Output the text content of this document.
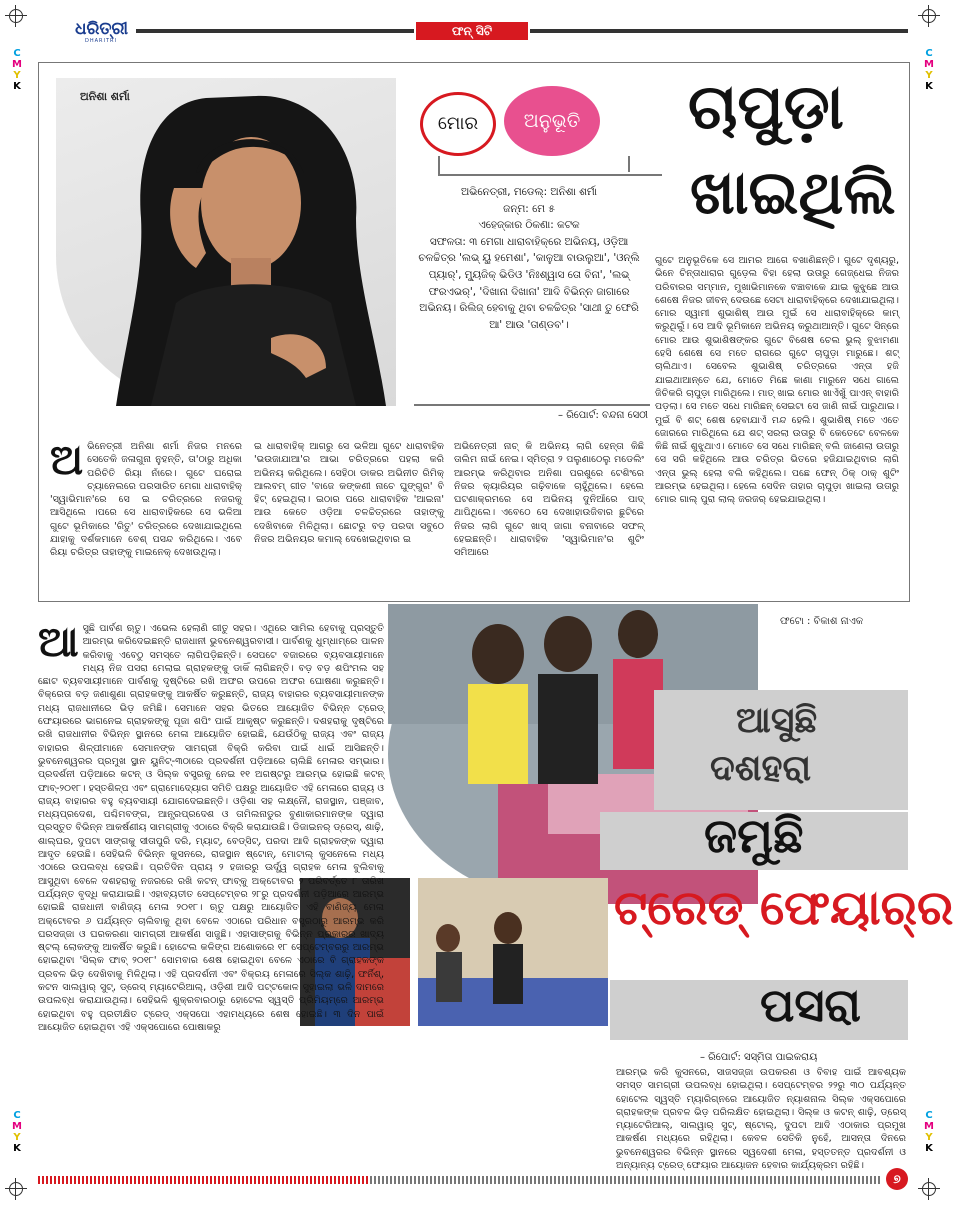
C
M
Y
K
C
M
Y
K
C
M
Y
K
C
M
Y
K
ଧରିତ୍ରୀ
DHARITRI
ଫନ୍ ସିଟି
ଅନିଶା ଶର୍ମା
ମୋର	ଅନୁଭୂତି	ଚାପୁଡ଼ା
ଖାଇଥିଲି
ଅଭିନେତ୍ରୀ, ମଡେଲ୍: ଅନିଶା ଶର୍ମା
ଜନ୍ମ: ମେ ୫
ଏହେଜ୍କାର ଠିକଣା: କଟକ
ସଫଳତା: ୩ ମେଗା ଧାରାବାହିକ୍‌ରେ ଅଭିନୟ, ଓଡ଼ିଆ ଚଳଚ୍ଚିତ୍ର 'ଲଭ୍ ୟୁ ହମେଶା', 'କାଳୁଆ ବାଉଲୁଆ', 'ଓନ୍ଲି ପ୍ୟାର୍', ମ୍ୟୁଜିକ୍ ଭିଡିଓ 'ନିଃଶ୍ୱାସ ତୋ ବିନା', 'ଲଭ୍ ଫରଏଭର୍', 'ଦିଖାନା ଦିଖାନା' ଆଦି ବିଭିନ୍ନ ଜାଗାରେ ଅଭିନୟ। ରିଲିଜ୍ ହେବାକୁ ଥିବା ଚଳଚ୍ଚିତ୍ର 'ସାଥୀ ତୁ ଫେରି ଆ' ଆଉ 'ତାଣ୍ଡବ'।
– ରିପୋର୍ଟ: ବନ୍ଦନା ସେଠୀ
ଅଭିନେତ୍ରୀ ଅନିଶା ଶର୍ମା ନିଜର ମନରେ ସେତେକି ଜଳାଗୁନା ନୁହନ୍ତି, ତା'ଠାରୁ ଅଧିକା ପରିଚିତି ରିୟା ନାଁରେ। ଗୁଟେ ଘରୋଇ ଚ୍ୟାନେଲରେ ପରସାରିତ ମେଗା ଧାରାବାହିକ୍ 'ସ୍ୱାଭିମାନ'ରେ ସେ ଇ ଚରିତ୍ରରେ ନଜରକୁ ଆସିଥିଲେ ।ପରେ ସେ ଧାରାବାହିକରେ ସେ ଭଳିଆ ଗୁଟେ ଭୂମିକାରେ 'ରିତୁ' ଚରିତ୍ରରେ ଦେଖାଯାଇଥିଲେ ଯାହାକୁ ଦର୍ଶକମାନେ ବେଶ୍ ପସନ୍ଦ କରିଥିଲେ। ଏବେ ରିୟା ଚରିତ୍ର ତାହାଙ୍କୁ ମାଇନେକ୍ ଦେଖଉଥିଲା।
ଇ ଧାରାବାହିକ୍ ଆଗରୁ ସେ ଭଳିଆ ଗୁଟେ ଧାରାବାହିକ 'ଭଉଜାଯାଆ'ର ଆଭା ଚରିତ୍ରରେ ପହଲା କରି ଅଭିନୟ କରିଥିଲେ। ସେହିଠା ଡାକର ଅଭିନୀତ ରିମିକ୍ ଆଲବମ୍ ଗୀତ 'ବାଜେ କଙ୍କଣୀ ନାଚେ ଘୁଙ୍ଗୁର' ବି ହିଟ୍ ହେଇଥିଲା। ଇଠାର ପରେ ଧାରାବାହିକ 'ଆଇନା' ଆଉ କେତେ ଓଡ଼ିଆ ଚଳଚ୍ଚିତ୍ରରେ ତାହାଙ୍କୁ ଦେଖିବାକେ ମିଳିଥିଲା। ଛୋଟରୁ ବଡ଼ ପରଦା ସବୁଠେ ନିଜର ଅଭିନୟର କମାଲ୍ ଦେଖେଇଥିବାର ଇ
ଅଭିନେତ୍ରୀ ନାଚ୍ କି ଅଭିନୟ ଲାଗି ହେନ୍ତା କିଛି ତାଲିମ ନାଇଁ ନେଇ। ସ୍ମିତ୍ରା ୨ ପଲୁଣାଠେଲୁ ମଡେଲିଂ ଆରମ୍ଭ କରିଥିବାର ଅନିଶା ପରଶୁରେ ଟେଶିଂରେ ନିଜର କ୍ୟାରିୟର ଗଢ଼ିବାକେ ଚାହୁଁଥିଲେ। ହେଲେ ଘଟଣାକ୍ରମରେ ସେ ଅଭିନୟ ଦୁନିଆଁରେ ପାଦ୍ ଥାପିଥିଲେ। ଏବେଠେ ସେ ଦେଖାହାଉଜିବାର ଛୁଟିରେ ନିଜର ଲାଗି ଗୁଟେ ଖାସ୍ ଜାଗା ବନାବାରେ ସଫଳ୍ ହେଇଛନ୍ତି। ଧାରାବାହିକ 'ସ୍ୱାଭିମାନ'ର ଶୁଟିଂ ସମିଆରେ
ଗୁଟେ ଅନୁଭୂତିକେ ସେ ଆମର ଆଗେ ବଖାଣିଛନ୍ତି। ଗୁଟେ ଦୃଶ୍ୟରୁ, ଭିନେ ଚିନ୍ତାଧାରାର ଗୁଡ଼େଲ ବିହା ହେଲା ଉତାରୁ ଗେଜ୍‌ଧେଇ ନିଜର ପରିବାରର ସମ୍ମାନ, ମୁଖାଭିମାନକେ ବଞ୍ଚାବାକେ ଯାଇ କୁଝୁଛେ ଆଉ ଶେଷେ ନିଜର ଜୀବନ୍ ଦେଉଛେ ସେଟା ଧାରାବାହିକ୍‌ରେ ଦେଖାଯାଇଥିଲା। ମୋର ସ୍ୱାମୀ ଶୁଭାଶିଷ୍ ଆଉ ମୁଇଁ ସେ ଧାରାବାହିକ୍‌ରେ କାମ୍ କରୁଥିଲୁଁ। ସେ ଆଦି ଭୂମିକାନେ ଅଭିନୟ କରୁଥାଆନ୍ତି। ଗୁଟେ ସିନ୍‌ରେ ମୋର ଆଉ ଶୁଭାଶିଷଙ୍କର ଗୁଟେ ବିଶେଷ ଚେଲ ଭୁଲ୍ ବୁଝାମଣା ହେସି ଶେଷେ ସେ ମତେ ରାଗରେ ଗୁଟେ ଚାପୁଡ଼ା ମାରୁଛେ। ଶଟ୍‌ ଚାଲିଥାଏ। ସେବେଲ ଶୁଭାଶିଷ୍ ଚରିତ୍ରରେ ଏନ୍ତା ହଜି ଯାଇଥାଆନ୍ତେ ଯେ, ମୋତେ ମିଛେ କାଣା ମାରୁନେ ସଧେ ଗାଲେ ଜିଚିକରି ଚାପୁଡ଼ା ମାରିଥିଲେ। ମାତ୍ ଖାଇ ମୋର ଖାଏଁଖୁଁ ପାଏନ୍ ବାହାରି ପଡ଼ଲା। ସେ ମତେ ସଧେ ମାରିଛନ୍ ସେଇଟା ସେ ଜାଣି ନାଇଁ ପାରୁଥାଇ। ମୁଇଁ ବି ଶଟ୍‌ ଶେଷ ହେବାଯାଏଁ ମନ୍ଦ ହେଲି। ଶୁଭାଶିଷ୍ ମତେ ଏତେ ଜୋରରେ ମାରିଥିଲେ ଯେ ଶଟ୍ ସରଲା ଉତାରୁ ବି କେତେଟେ ବେଳକେ କିଛି ନାଇଁ ଶୁଝୁଥାଏ। ମୋତେ ସେ ସଧେ ମାରିଛନ୍ ବଲି ଜାଣେଲା ଉତାରୁ ସେ ସରି କହିଥିଲେ ଆଉ ଚରିତ୍ର ଭିତରେ ହଜିଯାଇଥିବାର ଲାଗି ଏନ୍ତା ଭୁଲ୍ ହେଲା ବଲି କହିଥିଲେ। ପଛେ ଫେନ୍ ଠିକ୍ ଠାକ୍ ଶୁଟିଂ ଆରମ୍ଭ ହେଇଥିଲା। ହେଲେ ସେଦିନ ତାହାର ଚାପୁଡ଼ା ଖାଇଲା ଉତାରୁ ମୋର ଗାଲ୍ ପୁରା ଲାଲ୍ ଜରଜର୍ ହେଇଯାଇଥିଲା।
ଫଟୋ : ବିକାଶ ନାଏକ
ଆସୁଛି
ଦଶହରା
ଜମୁଛି
ଟ୍ରେଡ୍ ଫେୟାର୍‌ର
ପସରା
– ରିପୋର୍ଟ: ସସ୍ମିତା ପାଇକରାୟ
ଆସୁଛି ପାର୍ବଣ ଋତୁ। ଏଭେଲ ହେଲାଣି ଗୀତୁ ସହର। ଏଥିରେ ସାମିଲ ହେବାକୁ ପ୍ରସ୍ତୁତି ଆରମ୍ଭ କରିଦେଇଛନ୍ତି ରାଜଧାନୀ ଭୁବନେଶ୍ୱରବାସୀ। ପାର୍ବଣକୁ ଧୁମ୍‌ଧାମ୍‌ରେ ପାଳନ କରିବାକୁ ଏବେଠୁ ସମସ୍ତେ ଲାଗିପଡ଼ିଛନ୍ତି। ସେପଟେ ବଜାରରେ ବ୍ୟବସାୟୀମାନେ ମଧ୍ୟ ନିଜ ପସରା ମେଲାଇ ଗ୍ରାହକଙ୍କୁ ଡାକିଁ ଲାଗିଛନ୍ତି। ବଡ଼ ବଡ଼ ଶପିଂମଲ ସହ ଛୋଟ ବ୍ୟବସାୟୀମାନେ ପାର୍ବଣକୁ ଦୃଷ୍ଟିରେ ରଖି ଅଫର ଉପରେ ଅଫର ଘୋଷଣା କରୁଛନ୍ତି। ବିକ୍ରେତା ବଡ଼ ଜଣାଶୁଣା ଗ୍ରାହକଙ୍କୁ ଆକର୍ଷିତ କରୁଛନ୍ତି, ରାଜ୍ୟ ବାହାରର ବ୍ୟବସାୟୀମାନଙ୍କ ମଧ୍ୟ ରାଜଧାନୀରେ ଭିଡ଼ ଜମିଛି। ସେମାନେ ସହର ଭିତରେ ଆୟୋଜିତ ବିଭିନ୍ନ ଟ୍ରେଡ୍ ଫେୟାରରେ ଭାଗନେଇ ଗ୍ରାହକଙ୍କୁ ପୂଜା ଶପିଂ ପାଇଁ ଆକୃଷ୍ଟ କରୁଛନ୍ତି। ଦଶହରାକୁ ଦୃଷ୍ଟିରେ ରଖି ରାଜଧାନୀର ବିଭିନ୍ନ ସ୍ଥାନରେ ମେଳା ଆୟୋଜିତ ହୋଇଛି, ଯେଉଁଠିକୁ ରାଜ୍ୟ ଏବଂ ରାଜ୍ୟ ବାହାରର ଶିଳ୍ପୀମାନେ ସେମାନଙ୍କ ସାମଗ୍ରୀ ବିକ୍ରି କରିବା ପାଇଁ ଧାଇଁ ଆସିଛନ୍ତି। ଭୁବନେଶ୍ୱରର ପ୍ରମୁଖ ସ୍ଥାନ ୟୁନିଟ୍-୩ଠାରେ ପ୍ରଦର୍ଶନୀ ପଡ଼ିଆରେ ଚାଲିଛି ମେଳାର ସମ୍ଭାର। ପ୍ରଦର୍ଶନୀ ପଡ଼ିଆରେ କଟନ୍ ଓ ସିଲ୍କ ବସ୍ତ୍ରକୁ ନେଇ ୧୧ ଅଗଷ୍ଟରୁ ଆରମ୍ଭ ହୋଇଛି କଟନ୍ ଫାବ୍-୨୦୧୮। ହସ୍ତଶିଳ୍ପ ଏବଂ ଗ୍ରାମୋଦ୍ୟୋଗ ସମିତି ପକ୍ଷରୁ ଆୟୋଜିତ ଏହି ମେଳାରେ ରାଜ୍ୟ ଓ ରାଜ୍ୟ ବାହାରର ବହୁ ବ୍ୟବସାୟୀ ଯୋଗଦେଇଛନ୍ତି। ଓଡ଼ିଶା ସହ ଲକ୍ଷ୍ନୌ, ରାଜସ୍ଥାନ, ପଞ୍ଜାବ, ମଧ୍ୟପ୍ରଦେଶ, ପଶ୍ଚିମବଙ୍ଗ, ଆନ୍ଧ୍ରପ୍ରଦେଶ ଓ ତାମିଲନାଡୁର ବୁଣାକାରମାନଙ୍କ ଦ୍ୱାରା ପ୍ରସ୍ତୁତ ବିଭିନ୍ନ ଆକର୍ଷଣୀୟ ସାମଗ୍ରୀକୁ ଏଠାରେ ବିକ୍ରି କରାଯାଉଛି। ଡିଜାଇନର୍ ଡ୍ରେସ୍, ଶାଢ଼ି, ଶାଲ୍‌ଘର, ଦୁପଟା ସାଙ୍ଗକୁ ସୀତାପୁରି ଦରି, ମ୍ୟାଟ୍, ବେଡ୍‌ସିଟ୍, ପରଦା ଆଦି ଗ୍ରାହକଙ୍କ ଦ୍ୱାରା ଆଦୃତ ହେଉଛି। ସେହିଭଳି ବିଭିନ୍ନ କୁସନରେ, ରାଜସ୍ଥାନ ଷ୍ଟୋନ୍, ମୋଟାଲ୍ କୁସନେଲେ ମଧ୍ୟ ଏଠାରେ ଉପଲବ୍ଧ ହେଉଛି। ପ୍ରତିଦିନ ପ୍ରାୟ ୨ ହଜାରରୁ ଊର୍ଦ୍ଧ୍ୱ ଗ୍ରାହକ ମେଳା ବୁଲିବାକୁ ଆସୁଥିବା ବେଳେ ଦଶହରାକୁ ନଜରରେ ରଖି କଟନ୍ ଫାବ୍‌କୁ ଅକ୍ଟୋବର ୨ ପରିବର୍ତ୍ତେ ୮ ତାରିଖ ପର୍ଯ୍ୟନ୍ତ ବୃଦ୍ଧି କରାଯାଇଛି। ଏହାବ୍ୟତୀତ ସେପ୍ଟେମ୍ବର ୨୮ରୁ ପ୍ରଦର୍ଶନୀ ପଡ଼ିଆରେ ଆରମ୍ଭ ହୋଇଛି ରାଜଧାନୀ ବାଣିଜ୍ୟ ମେଳା ୨୦୧୮। ଋତୁ ପକ୍ଷରୁ ଆୟୋଜିତ ଏହି ବାଣିଜ୍ୟ ମେଳା ଅକ୍ଟୋବର ୬ ପର୍ଯ୍ୟନ୍ତ ଚାଲିବାକୁ ଥିବା ବେଳେ ଏଠାରେ ପରିଧାନ ବସ୍ତ୍ରଠାରୁ ଆରମ୍ଭ କରି ଘରସଜ୍ଜା ଓ ଘରକରଣା ସାମଗ୍ରୀ ଆକର୍ଷଣ ସାଜୁଛି। ଏହାସାଙ୍ଗକୁ ବିଭିନ୍ନ ପ୍ରକାରର ଖାଦ୍ୟ ଷ୍ଟଲ୍ ଲୋକଙ୍କୁ ଆକର୍ଷିତ କରୁଛି। ହୋଟେଲ କଳିଙ୍ଗ ଅଶୋକରେ ୧୮ ସେପ୍ଟେମ୍ବରରୁ ଆରମ୍ଭ ହୋଇଥିବା 'ସିଲ୍କ ଫାବ୍ ୨୦୧୮' ସୋମବାର ଶେଷ ହୋଇଥିବା ବେଳେ ଏଠାରେ ବି ଗ୍ରାହକଙ୍କ ପ୍ରବଳ ଭିଡ଼ ଦେଖିବାକୁ ମିଳିଥିଲା। ଏହି ପ୍ରଦର୍ଶନୀ ଏବଂ ବିକ୍ରୟ ମେଳାରେ ସିଲ୍କ ଶାଢ଼ି, ଫର୍ନିଶ୍, କଟନ ସାଲୱାର୍ ସୁଟ୍, ଡ୍ରେସ୍ ମ୍ୟାଟେରିଆଲ୍, ଓଡ଼ିଶୀ ଆଦି ପଟ୍ଟକୋଳ ସୁହାଇଲା ଭଳି ଦାମରେ ଉପଲବ୍ଧ କରାଯାଉଥିଲା। ସେହିଭଳି ଶୁକ୍ରବାରଠାରୁ ହୋଟେଲ ସ୍ୱସ୍ତି ପ୍ରିମିୟମ୍‌ରେ ଆରମ୍ଭ ହୋଇଥିବା ବହୁ ପ୍ରତୀକ୍ଷିତ ଟ୍ରେଡ୍ ଏକ୍ସପୋ ଏହାମଧ୍ୟରେ ଶେଷ ହୋଇଛି। ୩ ଦିନ ପାଇଁ ଆୟୋଜିତ ହୋଇଥିବା ଏହି ଏକ୍ସପୋରେ ପୋଷାକରୁ
ଆରମ୍ଭ କରି କୁସନରେ, ସାଜସଜ୍ଜା ଉପକରଣ ଓ ବିବାହ ପାଇଁ ଆବଶ୍ୟକ ସମସ୍ତ ସାମଗ୍ରୀ ଉପଲବ୍ଧ ହୋଇଥିଲା। ସେପ୍ଟେମ୍ବର ୨୨ରୁ ୩୦ ପର୍ଯ୍ୟନ୍ତ ହୋଟେଲ ସ୍ୱସ୍ତି ମ୍ୟାରିଗ୍ନରେ ଆୟୋଜିତ ନ୍ୟାଶନାଲ ସିଲ୍କ ଏକ୍ସପୋରେ ଗ୍ରାହକଙ୍କ ପ୍ରବଳ ଭିଡ଼ ପରିଲକ୍ଷିତ ହୋଇଥିଲା। ସିଲ୍କ ଓ କଟନ୍ ଶାଢ଼ି, ଡ୍ରେସ୍ ମ୍ୟାଟେରିଆଲ୍, ସାଲୱାର୍ ସୁଟ୍, ଷ୍ଟୋଲ୍, ଦୁପଟା ଆଦି ଏଠାକାର ପ୍ରମୁଖ ଆକର୍ଷଣ ମଧ୍ୟରେ ରହିଥିଲା। କେବଳ ସେତିକି ନୁହେଁ, ଆସନ୍ତା ଦିନରେ ଭୁବନେଶ୍ୱରର ବିଭିନ୍ନ ସ୍ଥାନରେ ସ୍ୱଦେଶୀ ମେଳା, ହସ୍ତତନ୍ତ ପ୍ରଦର୍ଶନୀ ଓ ଅନ୍ୟାନ୍ୟ ଟ୍ରେଡ୍ ଫେୟାର ଆୟୋଜନ ହେବାର କାର୍ଯ୍ୟକ୍ରମ ରହିଛି।
୭
